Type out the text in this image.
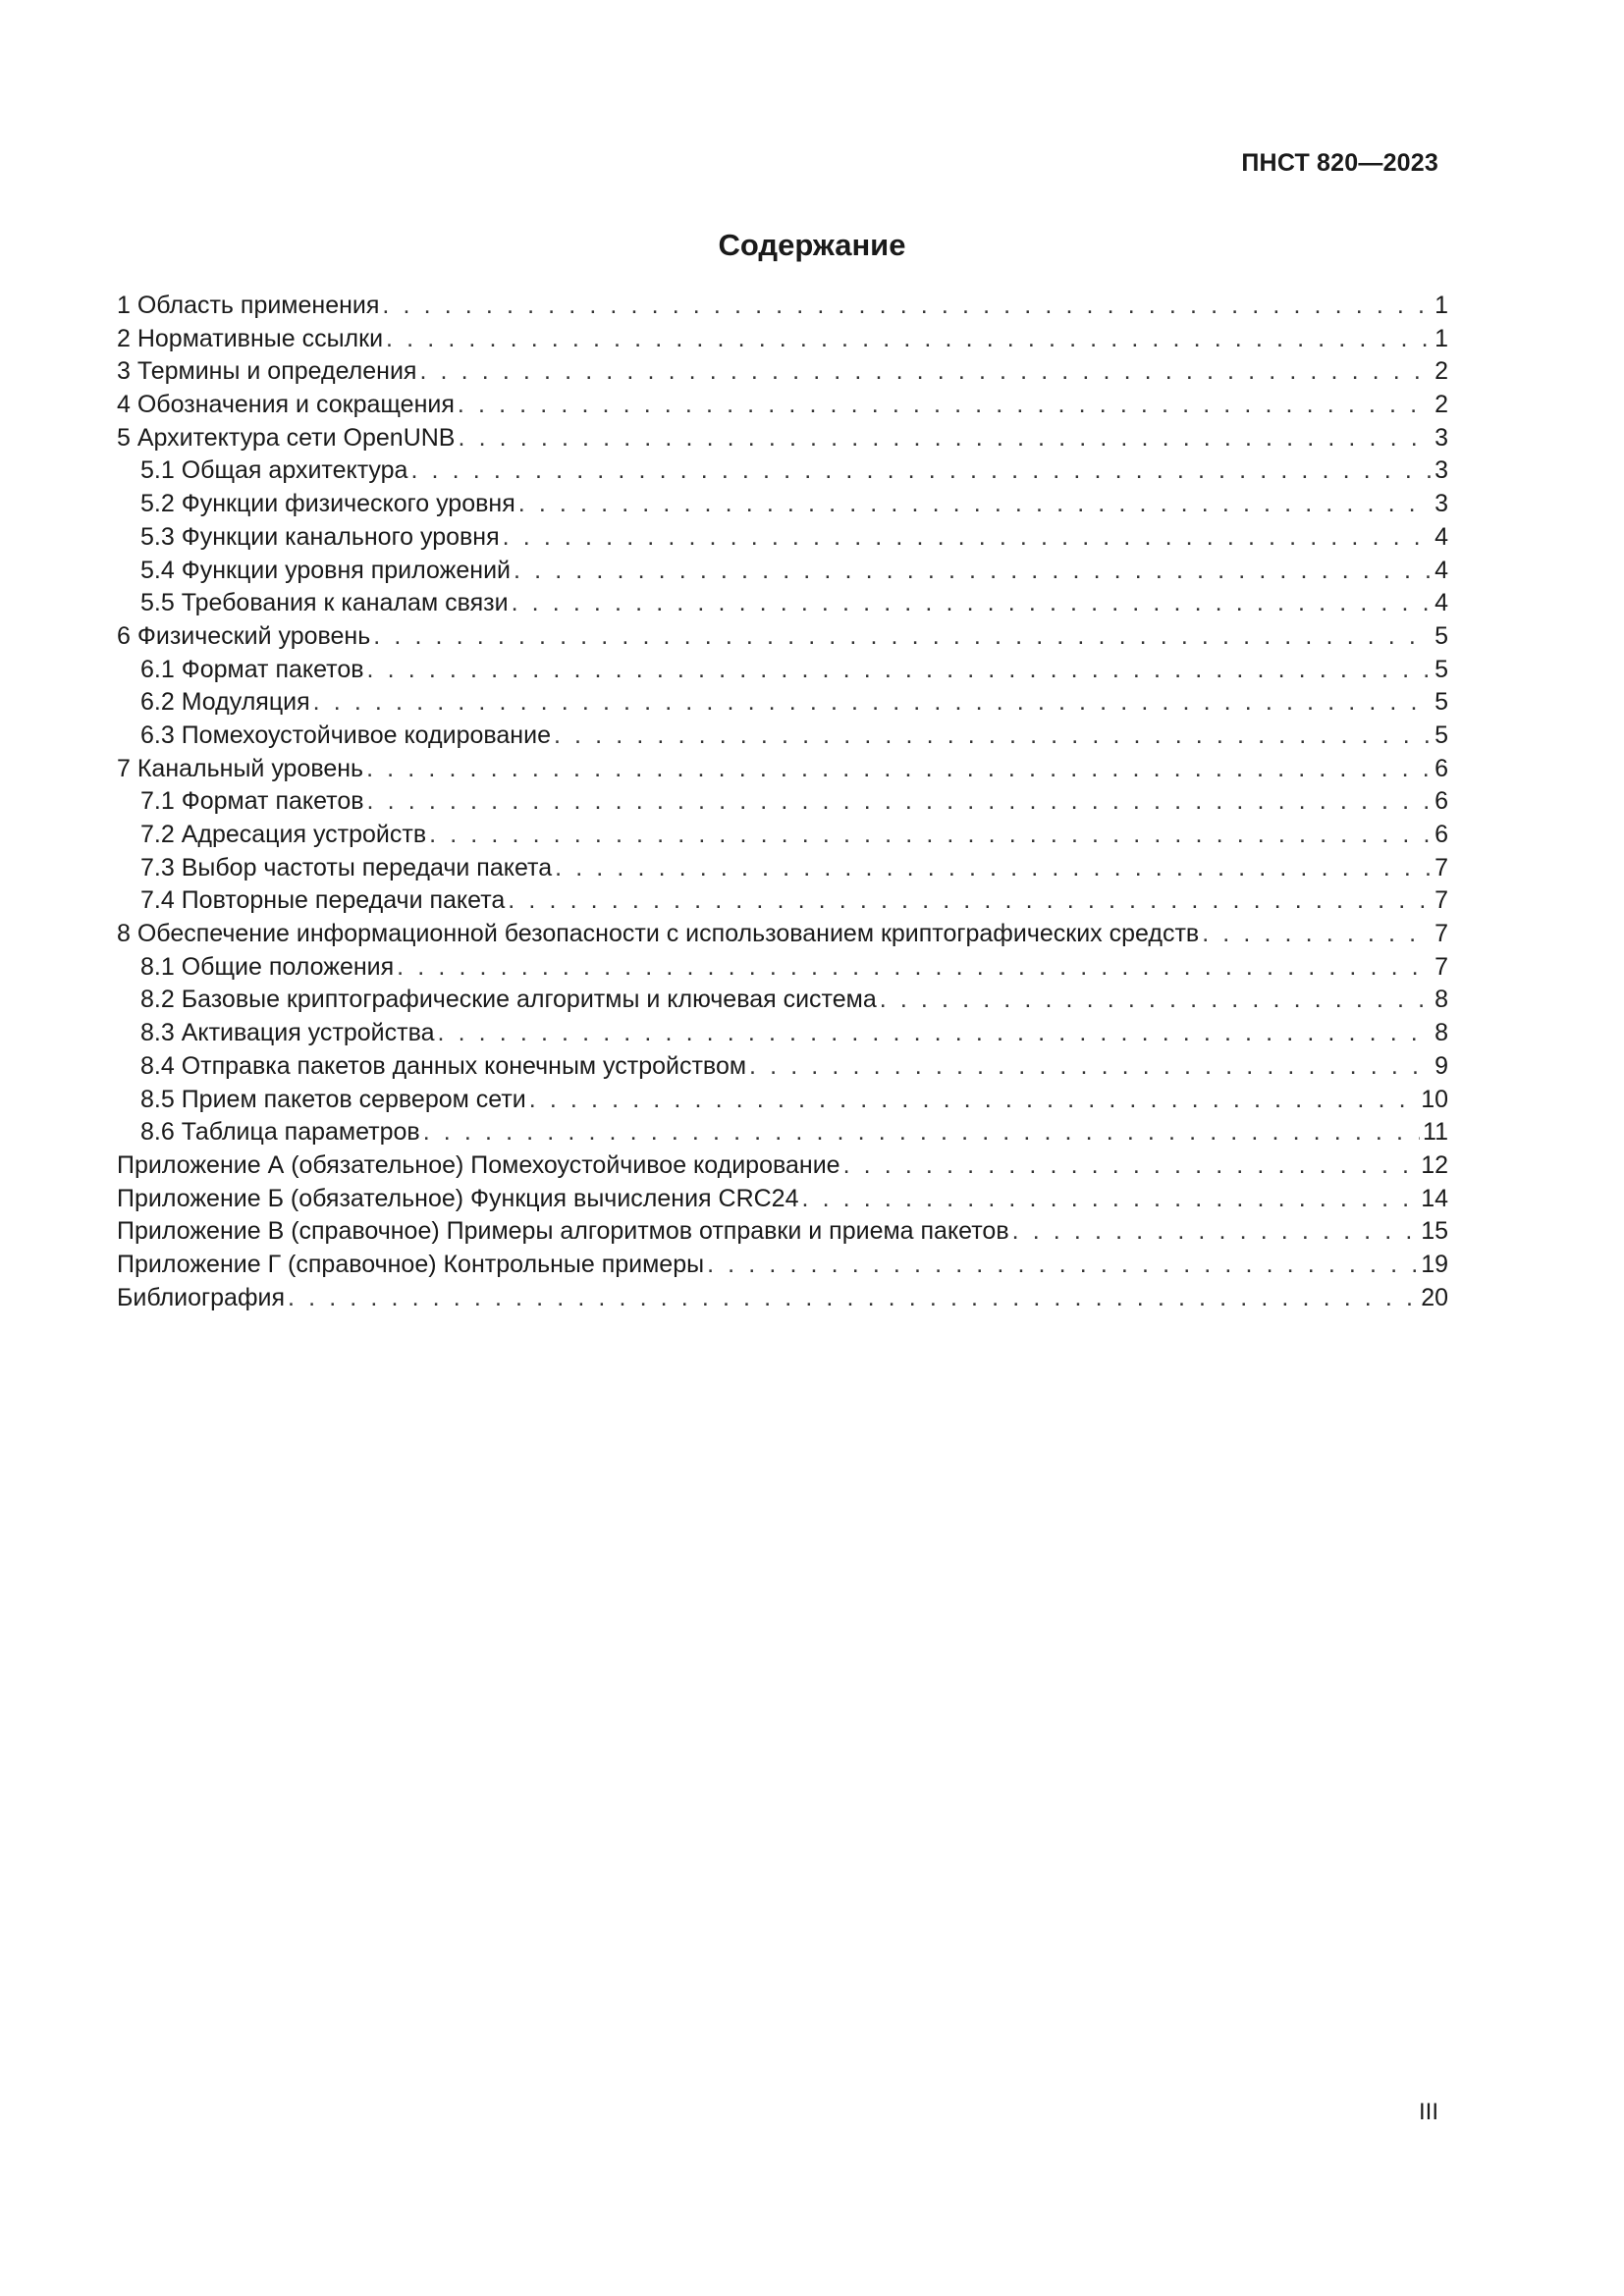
ПНСТ 820—2023
Содержание
1 Область применения . . .	1
2 Нормативные ссылки . . .	1
3 Термины и определения . . .	2
4 Обозначения и сокращения . . .	2
5 Архитектура сети OpenUNB . . .	3
5.1 Общая архитектура . . .	3
5.2 Функции физического уровня . . .	3
5.3 Функции канального уровня . . .	4
5.4 Функции уровня приложений . . .	4
5.5 Требования к каналам связи . . .	4
6 Физический уровень . . .	5
6.1 Формат пакетов . . .	5
6.2 Модуляция . . .	5
6.3 Помехоустойчивое кодирование . . .	5
7 Канальный уровень . . .	6
7.1 Формат пакетов . . .	6
7.2 Адресация устройств . . .	6
7.3 Выбор частоты передачи пакета . . .	7
7.4 Повторные передачи пакета . . .	7
8 Обеспечение информационной безопасности с использованием криптографических средств . . .	7
8.1 Общие положения . . .	7
8.2 Базовые криптографические алгоритмы и ключевая система . . .	8
8.3 Активация устройства . . .	8
8.4 Отправка пакетов данных конечным устройством . . .	9
8.5 Прием пакетов сервером сети . . .	10
8.6 Таблица параметров . . .	11
Приложение А (обязательное) Помехоустойчивое кодирование . . .	12
Приложение Б (обязательное) Функция вычисления CRC24 . . .	14
Приложение В (справочное) Примеры алгоритмов отправки и приема пакетов . . .	15
Приложение Г (справочное) Контрольные примеры . . .	19
Библиография . . .	20
III
